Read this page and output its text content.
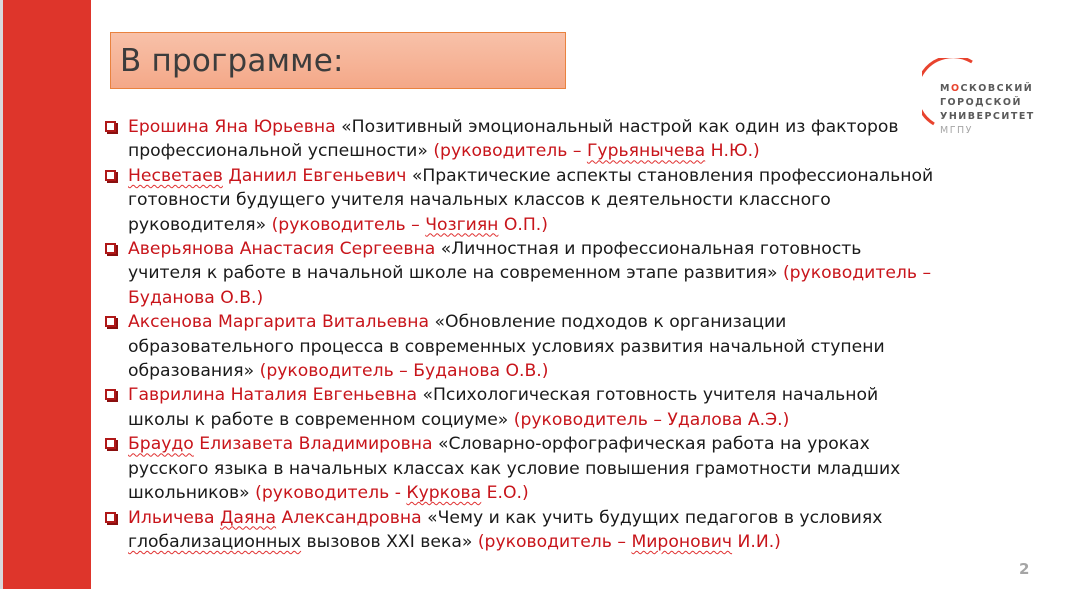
В программе:
МОСКОВСКИЙ
ГОРОДСКОЙ
УНИВЕРСИТЕТ
МГПУ
Ерошина Яна Юрьевна «Позитивный эмоциональный настрой как один из факторов профессиональной успешности» (руководитель – Гурьянычева Н.Ю.)
Несветаев Даниил Евгеньевич «Практические аспекты становления профессиональной готовности будущего учителя начальных классов к деятельности классного руководителя» (руководитель – Чозгиян О.П.)
Аверьянова Анастасия Сергеевна «Личностная и профессиональная готовность учителя к работе в начальной школе на современном этапе развития» (руководитель – Буданова О.В.)
Аксенова Маргарита Витальевна «Обновление подходов к организации образовательного процесса в современных условиях развития начальной ступени образования» (руководитель – Буданова О.В.)
Гаврилина Наталия Евгеньевна «Психологическая готовность учителя начальной школы к работе в современном социуме» (руководитель – Удалова А.Э.)
Браудо Елизавета Владимировна «Словарно-орфографическая работа на уроках русского языка в начальных классах как условие повышения грамотности младших школьников» (руководитель - Куркова Е.О.)
Ильичева Даяна Александровна «Чему и как учить будущих педагогов в условиях глобализационных вызовов XXI века» (руководитель – Миронович И.И.)
2
